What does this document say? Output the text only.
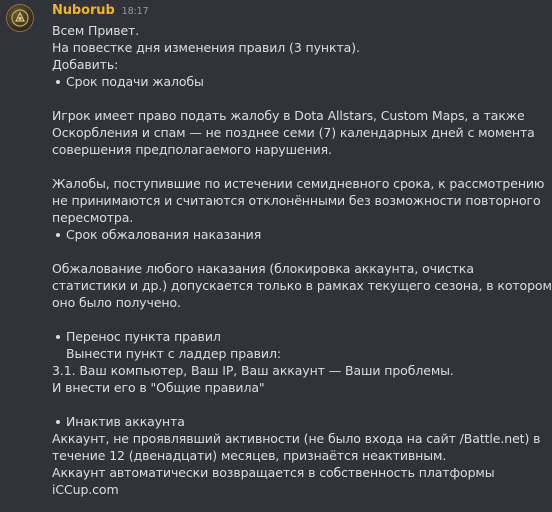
Nuborub 18:17
Всем Привет.
На повестке дня изменения правил (3 пункта).
Добавить:
Срок подачи жалобы
Игрок имеет право подать жалобу в Dota Allstars, Custom Maps, а также
Оскорбления и спам — не позднее семи (7) календарных дней с момента
совершения предполагаемого нарушения.
Жалобы, поступившие по истечении семидневного срока, к рассмотрению
не принимаются и считаются отклонёнными без возможности повторного
пересмотра.
Срок обжалования наказания
Обжалование любого наказания (блокировка аккаунта, очистка
статистики и др.) допускается только в рамках текущего сезона, в котором
оно было получено.
Перенос пункта правил
Вынести пункт с ладдер правил:
3.1. Ваш компьютер, Ваш IP, Ваш аккаунт — Ваши проблемы.
И внести его в "Общие правила"
Инактив аккаунта
Аккаунт, не проявлявший активности (не было входа на сайт /Battle.net) в
течение 12 (двенадцати) месяцев, признаётся неактивным.
Аккаунт автоматически возвращается в собственность платформы
iCCup.com
